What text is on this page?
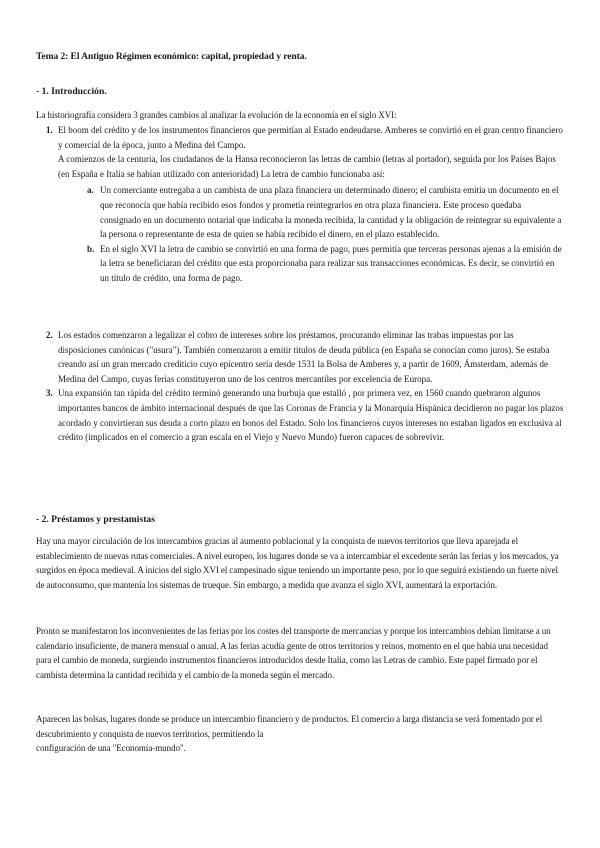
Tema 2: El Antiguo Régimen económico: capital, propiedad y renta.
- 1. Introducción.
La historiografía considera 3 grandes cambios al analizar la evolución de la economía en el siglo XVI:
1. El boom del crédito y de los instrumentos financieros que permitían al Estado endeudarse. Amberes se convirtió en el gran centro financiero y comercial de la época, junto a Medina del Campo.
A comienzos de la centuria, los ciudadanos de la Hansa reconocieron las letras de cambio (letras al portador), seguida por los Países Bajos (en España e Italia se habían utilizado con anterioridad) La letra de cambio funcionaba así:
a. Un comerciante entregaba a un cambista de una plaza financiera un determinado dinero; el cambista emitía un documento en el que reconocía que había recibido esos fondos y prometía reintegrarlos en otra plaza financiera. Este proceso quedaba consignado en un documento notarial que indicaba la moneda recibida, la cantidad y la obligación de reintegrar su equivalente a la persona o representante de esta de quien se había recibido el dinero, en el plazo establecido.
b. En el siglo XVI la letra de cambio se convirtió en una forma de pago, pues permitía que terceras personas ajenas a la emisión de la letra se beneficiaran del crédito que esta proporcionaba para realizar sus transacciones económicas. Es decir, se convirtió en un título de crédito, una forma de pago.
2. Los estados comenzaron a legalizar el cobro de intereses sobre los préstamos, procurando eliminar las trabas impuestas por las disposiciones canónicas ("usura"). También comenzaron a emitir títulos de deuda pública (en España se conocían como juros). Se estaba creando así un gran mercado crediticio cuyo epicentro sería desde 1531 la Bolsa de Amberes y, a partir de 1609, Ámsterdam, además de Medina del Campo, cuyas ferias constituyeron uno de los centros mercantiles por excelencia de Europa.
3. Una expansión tan rápida del crédito terminó generando una burbuja que estalló , por primera vez, en 1560 cuando quebraron algunos importantes bancos de ámbito internacional después de que las Coronas de Francia y la Monarquía Hispánica decidieron no pagar los plazos acordado y convirtieran sus deuda a corto plazo en bonos del Estado. Solo los financieros cuyos intereses no estaban ligados en exclusiva al crédito (implicados en el comercio a gran escala en el Viejo y Nuevo Mundo) fueron capaces de sobrevivir.
- 2. Préstamos y prestamistas
Hay una mayor circulación de los intercambios gracias al aumento poblacional y la conquista de nuevos territorios que lleva aparejada el establecimiento de nuevas rutas comerciales. A nivel europeo, los lugares donde se va a intercambiar el excedente serán las ferias y los mercados, ya surgidos en época medieval. A inicios del siglo XVI el campesinado sigue teniendo un importante peso, por lo que seguirá existiendo un fuerte nivel de autoconsumo, que mantenía los sistemas de trueque. Sin embargo, a medida que avanza el siglo XVI, aumentará la exportación.
Pronto se manifestaron los inconvenientes de las ferias por los costes del transporte de mercancías y porque los intercambios debían limitarse a un calendario insuficiente, de manera mensual o anual. A las ferias acudía gente de otros territorios y reinos, momento en el que había una necesidad para el cambio de moneda, surgiendo instrumentos financieros introducidos desde Italia, como las Letras de cambio. Este papel firmado por el cambista determina la cantidad recibida y el cambio de la moneda según el mercado.
Aparecen las bolsas, lugares donde se produce un intercambio financiero y de productos. El comercio a larga distancia se verá fomentado por el descubrimiento y conquista de nuevos territorios, permitiendo la
configuración de una "Economía-mundo".
